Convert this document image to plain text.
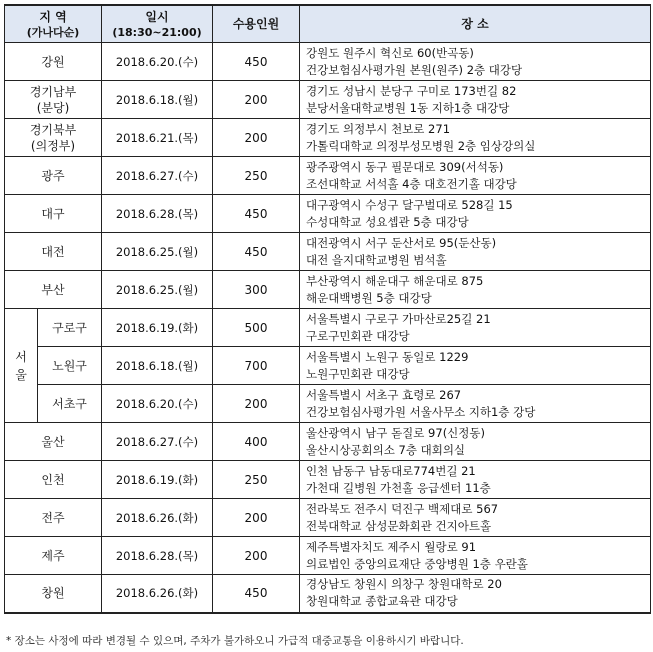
지 역
(가나다순)		일시
(18:30~21:00)	수용인원	장 소

강원		2018.6.20.(수)	450	강원도 원주시 혁신로 60(반곡동)
건강보험심사평가원 본원(원주) 2층 대강당

경기남부
(분당)		2018.6.18.(월)	200	경기도 성남시 분당구 구미로 173번길 82
분당서울대학교병원 1동 지하1층 대강당

경기북부
(의정부)		2018.6.21.(목)	200	경기도 의정부시 천보로 271
가톨릭대학교 의정부성모병원 2층 임상강의실

광주		2018.6.27.(수)	250	광주광역시 동구 필문대로 309(서석동)
조선대학교 서석홀 4층 대호전기홀 대강당

대구		2018.6.28.(목)	450	대구광역시 수성구 달구벌대로 528길 15
수성대학교 성요셉관 5층 대강당

대전		2018.6.25.(월)	450	대전광역시 서구 둔산서로 95(둔산동)
대전 을지대학교병원 범석홀

부산		2018.6.25.(월)	300	부산광역시 해운대구 해운대로 875
해운대백병원 5층 대강당

서
울	구로구	2018.6.19.(화)	500	서울특별시 구로구 가마산로25길 21
구로구민회관 대강당

	노원구	2018.6.18.(월)	700	서울특별시 노원구 동일로 1229
노원구민회관 대강당

	서초구	2018.6.20.(수)	200	서울특별시 서초구 효령로 267
건강보험심사평가원 서울사무소 지하1층 강당

울산		2018.6.27.(수)	400	울산광역시 남구 돋질로 97(신정동)
울산시상공회의소 7층 대회의실

인천		2018.6.19.(화)	250	인천 남동구 남동대로774번길 21
가천대 길병원 가천홀 응급센터 11층

전주		2018.6.26.(화)	200	전라북도 전주시 덕진구 백제대로 567
전북대학교 삼성문화회관 건지아트홀

제주		2018.6.28.(목)	200	제주특별자치도 제주시 월랑로 91
의료법인 중앙의료재단 중앙병원 1층 우란홀

창원		2018.6.26.(화)	450	경상남도 창원시 의창구 창원대학로 20
창원대학교 종합교육관 대강당
* 장소는 사정에 따라 변경될 수 있으며, 주차가 불가하오니 가급적 대중교통을 이용하시기 바랍니다.
